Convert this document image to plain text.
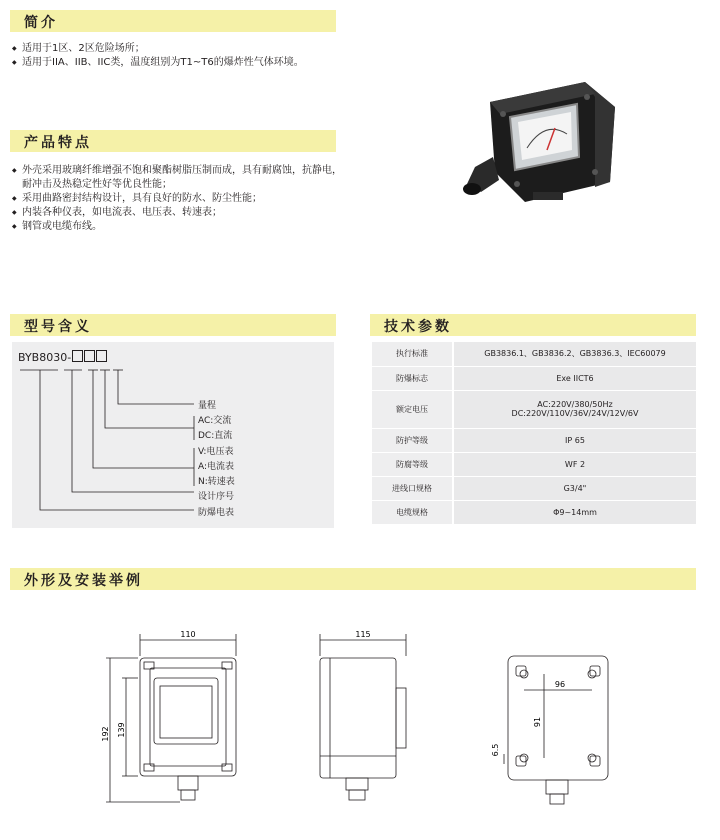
简介
◆ 适用于1区、2区危险场所；
◆ 适用于IIA、IIB、IIC类，温度组别为T1~T6的爆炸性气体环境。
产品特点
◆ 外壳采用玻璃纤维增强不饱和聚酯树脂压制而成，具有耐腐蚀，抗静电，
耐冲击及热稳定性好等优良性能；
◆ 采用曲路密封结构设计，具有良好的防水、防尘性能；
◆ 内装各种仪表，如电流表、电压表、转速表；
◆ 钢管或电缆布线。
型号含义
BYB8030-
量程
AC:交流
DC:直流
V:电压表
A:电流表
N:转速表
设计序号
防爆电表
技术参数
执行标准	GB3836.1、GB3836.2、GB3836.3、IEC60079
防爆标志	Exe IICT6
额定电压	AC:220V/380/50Hz
DC:220V/110V/36V/24V/12V/6V
防护等级	IP 65
防腐等级	WF 2
进线口规格	G3/4"
电缆规格	Φ9~14mm
外形及安装举例
110
192 139
115
96
91
6.5
